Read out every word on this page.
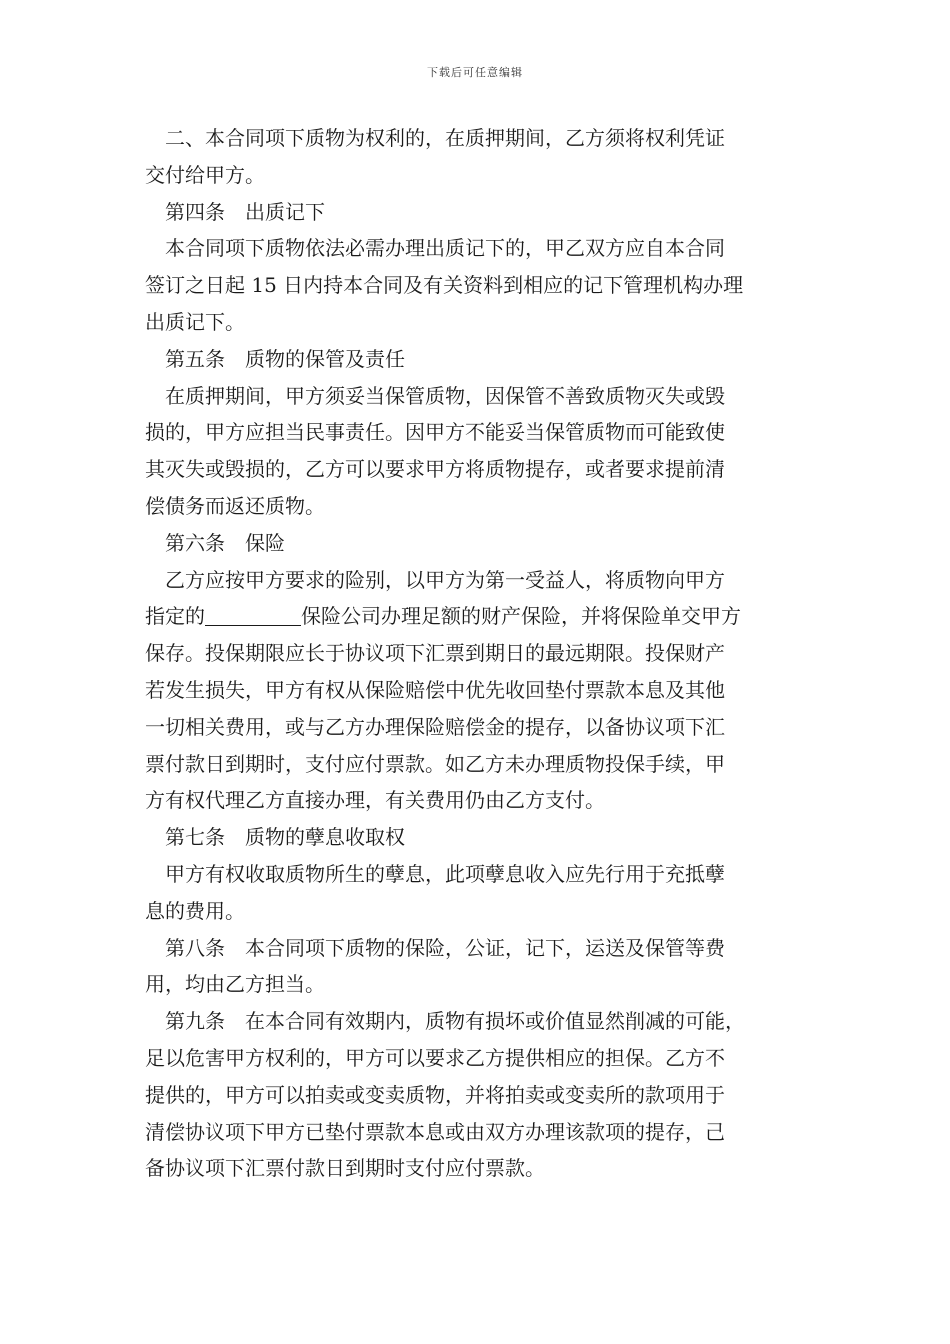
下载后可任意编辑
　二、本合同项下质物为权利的，在质押期间，乙方须将权利凭证
交付给甲方。
　第四条　出质记下
　本合同项下质物依法必需办理出质记下的，甲乙双方应自本合同
签订之日起 15 日内持本合同及有关资料到相应的记下管理机构办理
出质记下。
　第五条　质物的保管及责任
　在质押期间，甲方须妥当保管质物，因保管不善致质物灭失或毁
损的，甲方应担当民事责任。因甲方不能妥当保管质物而可能致使
其灭失或毁损的，乙方可以要求甲方将质物提存，或者要求提前清
偿债务而返还质物。
　第六条　保险
　乙方应按甲方要求的险别，以甲方为第一受益人，将质物向甲方
指定的	保险公司办理足额的财产保险，并将保险单交甲方
保存。投保期限应长于协议项下汇票到期日的最远期限。投保财产
若发生损失，甲方有权从保险赔偿中优先收回垫付票款本息及其他
一切相关费用，或与乙方办理保险赔偿金的提存，以备协议项下汇
票付款日到期时，支付应付票款。如乙方未办理质物投保手续，甲
方有权代理乙方直接办理，有关费用仍由乙方支付。
　第七条　质物的孽息收取权
　甲方有权收取质物所生的孽息，此项孽息收入应先行用于充抵孽
息的费用。
　第八条　本合同项下质物的保险，公证，记下，运送及保管等费
用，均由乙方担当。
　第九条　在本合同有效期内，质物有损坏或价值显然削减的可能，
足以危害甲方权利的，甲方可以要求乙方提供相应的担保。乙方不
提供的，甲方可以拍卖或变卖质物，并将拍卖或变卖所的款项用于
清偿协议项下甲方已垫付票款本息或由双方办理该款项的提存，己
备协议项下汇票付款日到期时支付应付票款。
